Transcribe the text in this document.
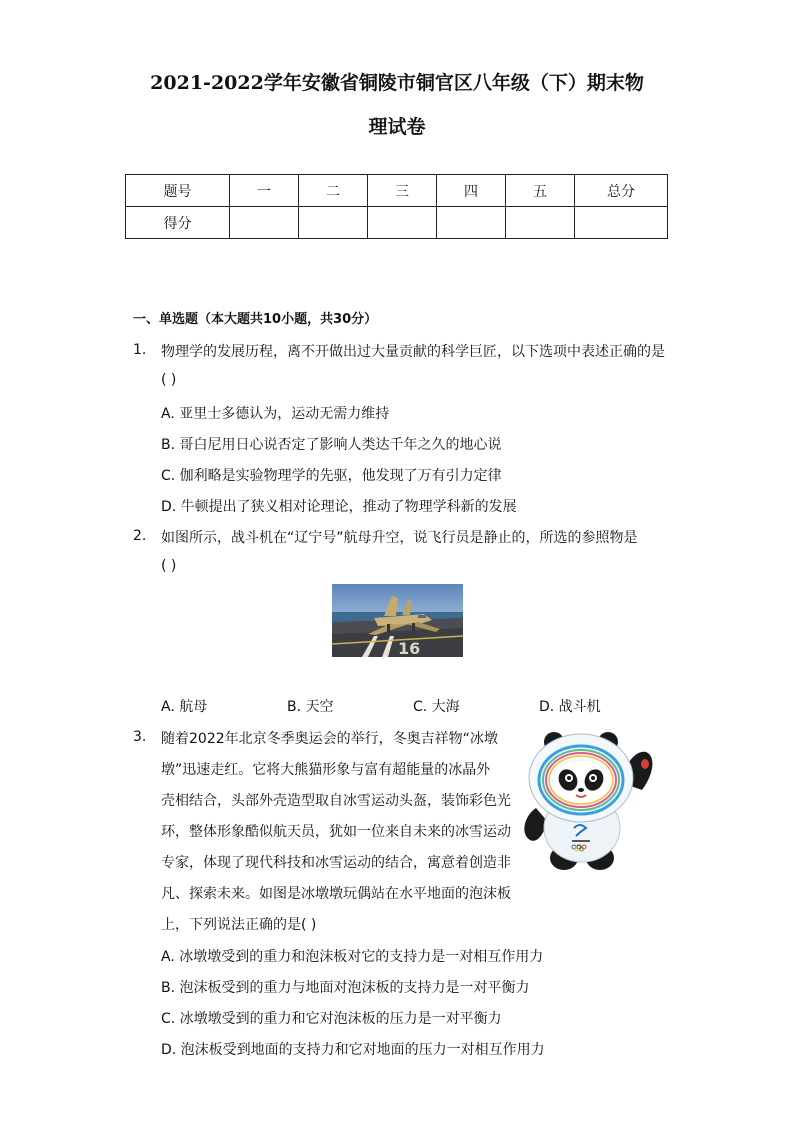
2021-2022学年安徽省铜陵市铜官区八年级（下）期末物
理试卷
题号	一	二	三	四	五	总分
得分						
一、单选题（本大题共10小题，共30分）
1. 物理学的发展历程，离不开做出过大量贡献的科学巨匠，以下选项中表述正确的是
( )
A. 亚里士多德认为，运动无需力维持
B. 哥白尼用日心说否定了影响人类达千年之久的地心说
C. 伽利略是实验物理学的先驱，他发现了万有引力定律
D. 牛顿提出了狭义相对论理论，推动了物理学科新的发展
2. 如图所示，战斗机在“辽宁号”航母升空，说飞行员是静止的，所选的参照物是
( )
16
A. 航母	B. 天空	C. 大海	D. 战斗机
3. 随着2022年北京冬季奥运会的举行，冬奥吉祥物“冰墩
墩”迅速走红。它将大熊猫形象与富有超能量的冰晶外
壳相结合，头部外壳造型取自冰雪运动头盔，装饰彩色光
环，整体形象酷似航天员，犹如一位来自未来的冰雪运动
专家，体现了现代科技和冰雪运动的结合，寓意着创造非
凡、探索未来。如图是冰墩墩玩偶站在水平地面的泡沫板
上，下列说法正确的是( )
A. 冰墩墩受到的重力和泡沫板对它的支持力是一对相互作用力
B. 泡沫板受到的重力与地面对泡沫板的支持力是一对平衡力
C. 冰墩墩受到的重力和它对泡沫板的压力是一对平衡力
D. 泡沫板受到地面的支持力和它对地面的压力一对相互作用力
